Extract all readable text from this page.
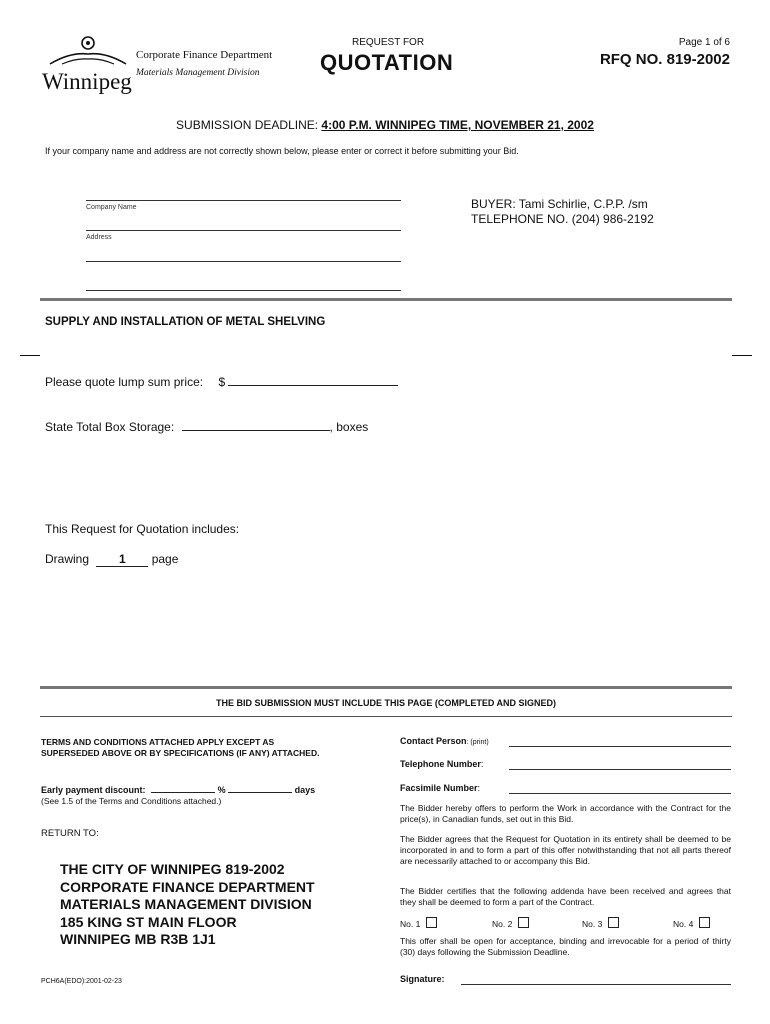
Winnipeg
Corporate Finance Department
Materials Management Division
REQUEST FOR
QUOTATION
Page 1 of 6
RFQ NO. 819-2002
SUBMISSION DEADLINE: 4:00 P.M. WINNIPEG TIME, NOVEMBER 21, 2002
If your company name and address are not correctly shown below, please enter or correct it before submitting your Bid.
Company Name
Address
BUYER: Tami Schirlie, C.P.P. /sm
TELEPHONE NO. (204) 986-2192
SUPPLY AND INSTALLATION OF METAL SHELVING
Please quote lump sum price: $
State Total Box Storage:	, boxes
This Request for Quotation includes:
Drawing	1 page
THE BID SUBMISSION MUST INCLUDE THIS PAGE (COMPLETED AND SIGNED)
TERMS AND CONDITIONS ATTACHED APPLY EXCEPT AS
SUPERSEDED ABOVE OR BY SPECIFICATIONS (IF ANY) ATTACHED.
Early payment discount:	%	days
(See 1.5 of the Terms and Conditions attached.)
RETURN TO:
THE CITY OF WINNIPEG 819-2002
CORPORATE FINANCE DEPARTMENT
MATERIALS MANAGEMENT DIVISION
185 KING ST MAIN FLOOR
WINNIPEG MB R3B 1J1
PCH6A(EDO):2001-02-23
Contact Person: (print)
Telephone Number:
Facsimile Number:
The Bidder hereby offers to perform the Work in accordance with the Contract for the price(s), in Canadian funds, set out in this Bid.
The Bidder agrees that the Request for Quotation in its entirety shall be deemed to be incorporated in and to form a part of this offer notwithstanding that not all parts thereof are necessarily attached to or accompany this Bid.
The Bidder certifies that the following addenda have been received and agrees that they shall be deemed to form a part of the Contract.
No. 1	No. 2	No. 3	No. 4
This offer shall be open for acceptance, binding and irrevocable for a period of thirty (30) days following the Submission Deadline.
Signature:
